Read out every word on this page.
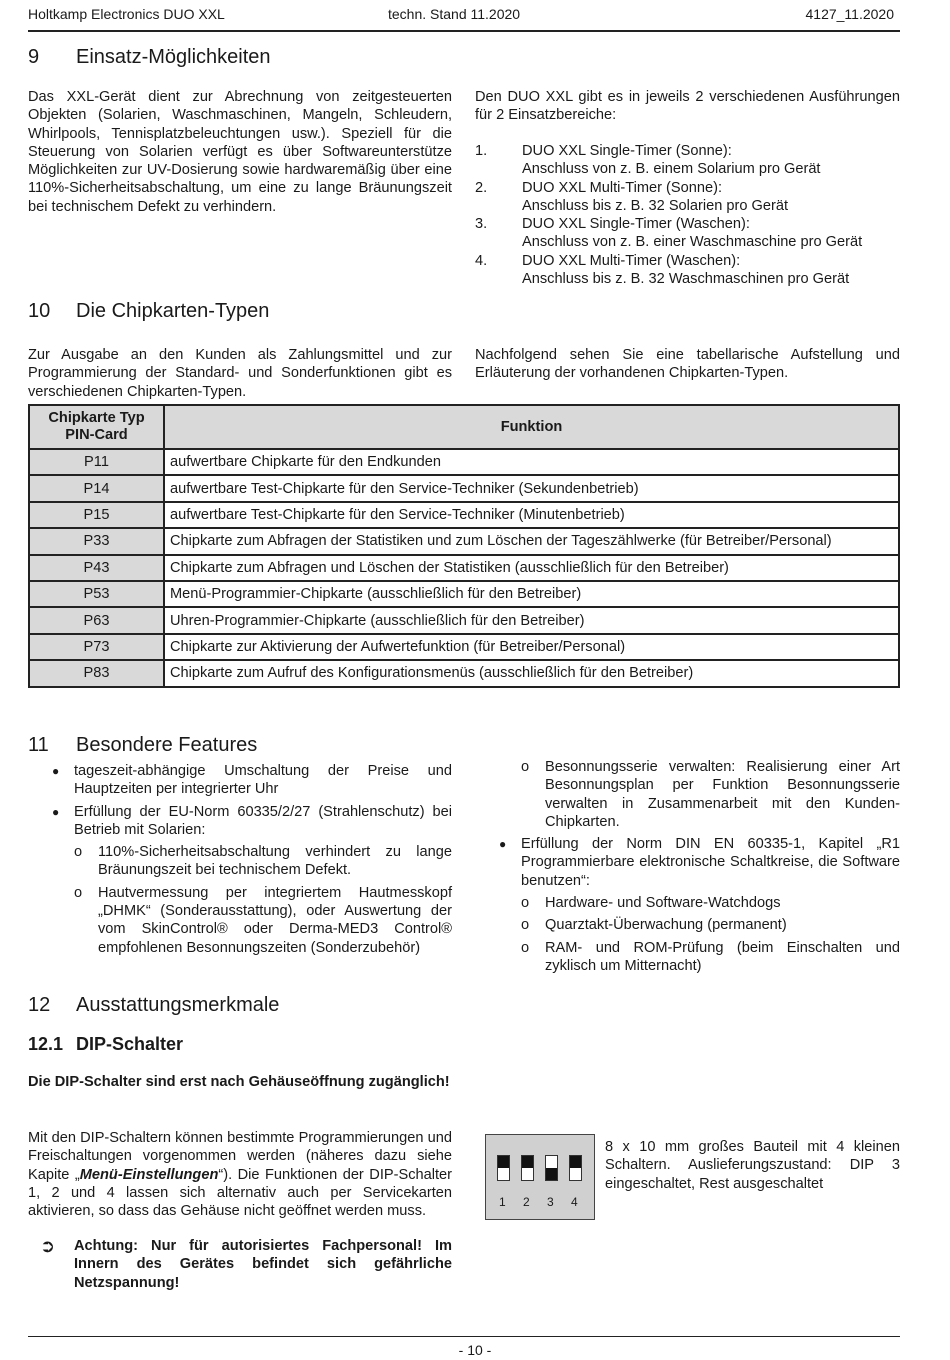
Holtkamp Electronics DUO XXL	techn. Stand 11.2020	4127_11.2020
9 Einsatz-Möglichkeiten

Das XXL-Gerät dient zur Abrechnung von zeitgesteuerten Objekten (Solarien, Waschmaschinen, Mangeln, Schleudern, Whirlpools, Tennisplatzbeleuchtungen usw.). Speziell für die Steuerung von Solarien verfügt es über Softwareunterstütze Möglichkeiten zur UV-Dosierung sowie hardwaremäßig über eine 110%-Sicherheitsabschaltung, um eine zu lange Bräunungszeit bei technischem Defekt zu verhindern.

Den DUO XXL gibt es in jeweils 2 verschiedenen Ausführungen für 2 Einsatzbereiche:

1. DUO XXL Single-Timer (Sonne):
Anschluss von z. B. einem Solarium pro Gerät
2. DUO XXL Multi-Timer (Sonne):
Anschluss bis z. B. 32 Solarien pro Gerät
3. DUO XXL Single-Timer (Waschen):
Anschluss von z. B. einer Waschmaschine pro Gerät
4. DUO XXL Multi-Timer (Waschen):
Anschluss bis z. B. 32 Waschmaschinen pro Gerät
10 Die Chipkarten-Typen

Zur Ausgabe an den Kunden als Zahlungsmittel und zur Programmierung der Standard- und Sonderfunktionen gibt es verschiedenen Chipkarten-Typen.

Nachfolgend sehen Sie eine tabellarische Aufstellung und Erläuterung der vorhandenen Chipkarten-Typen.

Chipkarte Typ
PIN-Card	Funktion
P11	aufwertbare Chipkarte für den Endkunden
P14	aufwertbare Test-Chipkarte für den Service-Techniker (Sekundenbetrieb)
P15	aufwertbare Test-Chipkarte für den Service-Techniker (Minutenbetrieb)
P33	Chipkarte zum Abfragen der Statistiken und zum Löschen der Tageszählwerke (für Betreiber/Personal)
P43	Chipkarte zum Abfragen und Löschen der Statistiken (ausschließlich für den Betreiber)
P53	Menü-Programmier-Chipkarte (ausschließlich für den Betreiber)
P63	Uhren-Programmier-Chipkarte (ausschließlich für den Betreiber)
P73	Chipkarte zur Aktivierung der Aufwertefunktion (für Betreiber/Personal)
P83	Chipkarte zum Aufruf des Konfigurationsmenüs (ausschließlich für den Betreiber)
11 Besondere Features
● tageszeit-abhängige Umschaltung der Preise und Hauptzeiten per integrierter Uhr
● Erfüllung der EU-Norm 60335/2/27 (Strahlenschutz) bei Betrieb mit Solarien:
o 110%-Sicherheitsabschaltung verhindert zu lange Bräunungszeit bei technischem Defekt.
o Hautvermessung per integriertem Hautmesskopf „DHMK“ (Sonderausstattung), oder Auswertung der vom SkinControl® oder Derma-MED3 Control® empfohlenen Besonnungszeiten (Sonderzubehör)
o Besonnungsserie verwalten: Realisierung einer Art Besonnungsplan per Funktion Besonnungsserie verwalten in Zusammenarbeit mit den Kunden-Chipkarten.
● Erfüllung der Norm DIN EN 60335-1, Kapitel „R1 Programmierbare elektronische Schaltkreise, die Software benutzen“:
o Hardware- und Software-Watchdogs
o Quarztakt-Überwachung (permanent)
o RAM- und ROM-Prüfung (beim Einschalten und zyklisch um Mitternacht)
12 Ausstattungsmerkmale
12.1 DIP-Schalter

Die DIP-Schalter sind erst nach Gehäuseöffnung zugänglich!

Mit den DIP-Schaltern können bestimmte Programmierungen und Freischaltungen vorgenommen werden (näheres dazu siehe Kapite „Menü-Einstellungen“). Die Funktionen der DIP-Schalter 1, 2 und 4 lassen sich alternativ auch per Servicekarten aktivieren, so dass das Gehäuse nicht geöffnet werden muss.

➲ Achtung: Nur für autorisiertes Fachpersonal! Im Innern des Gerätes befindet sich gefährliche Netzspannung!

1 2 3 4

8 x 10 mm großes Bauteil mit 4 kleinen Schaltern. Auslieferungszustand: DIP 3 eingeschaltet, Rest ausgeschaltet

- 10 -
